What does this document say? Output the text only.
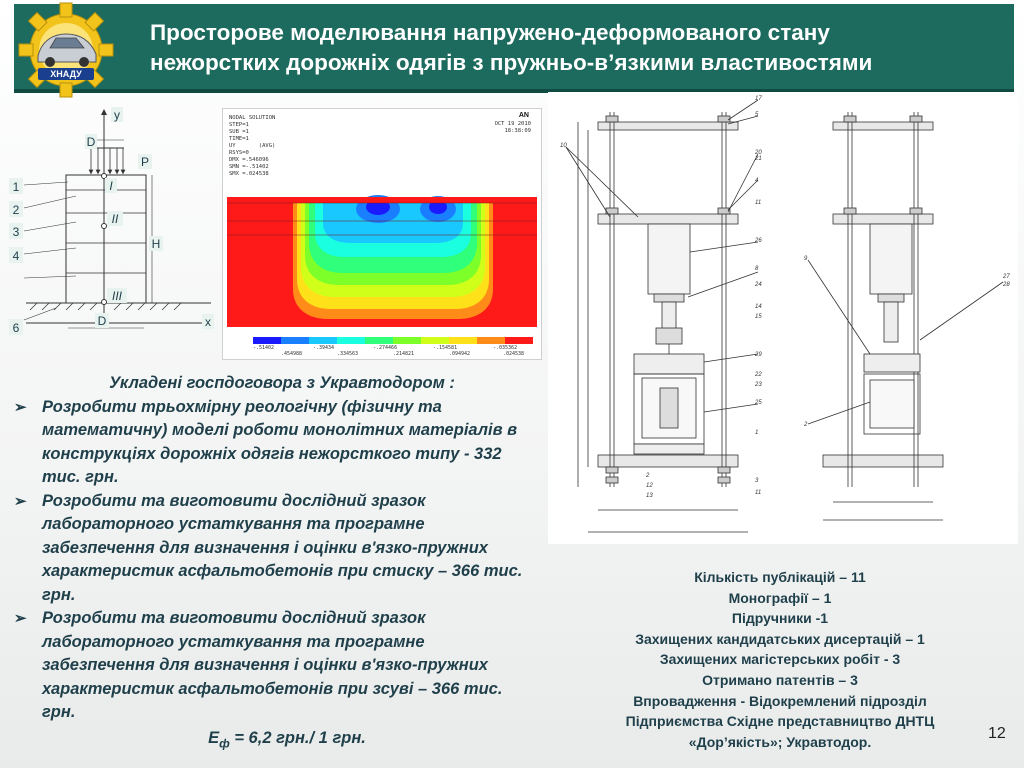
Просторове моделювання напружено-деформованого стану
нежорстких дорожніх одягів з пружньо-в’язкими властивостями
ХНАДУ
Прикл.
y
D
P
1
2
3
4
6
I
II
H
III
D	x
NODAL SOLUTION
STEP=1
SUB =1
TIME=1
UY       (AVG)
RSYS=0
DMX =.546096
SMN =-.51402
SMX =.024538
AN
OCT 19 2010
18:38:09
-.51402	-.39434	-.274466	-.154581	-.035362
.454988	.334563	.214821	.094942	.024538
17
5
20
21
4
11
26
8
24
14
15
29
22
23
25
1
3
11
10
12
13
2
9
27
28
2
Укладені госпдоговора з Укравтодором :
➢ Розробити трьохмірну реологічну (фізичну та математичну) моделі роботи монолітних матеріалів в конструкціях дорожніх одягів нежорсткого типу - 332 тис. грн.
➢ Розробити та виготовити дослідний зразок лабораторного устаткування та програмне забезпечення для визначення і оцінки в'язко-пружних характеристик асфальтобетонів при стиску – 366 тис. грн.
➢ Розробити та виготовити дослідний зразок лабораторного устаткування та програмне забезпечення для визначення і оцінки в'язко-пружних характеристик асфальтобетонів при зсуві – 366 тис. грн.
$Е_ф = 6,2$ грн./ 1 грн.
Кількість публікацій – 11
Монографії – 1
Підручники -1
Захищених кандидатських дисертацій – 1
Захищених магістерських робіт - 3
Отримано патентів – 3
Впровадження - Відокремлений підрозділ
Підприємства Східне представництво ДНТЦ
«Дор’якість»; Укравтодор.	12
